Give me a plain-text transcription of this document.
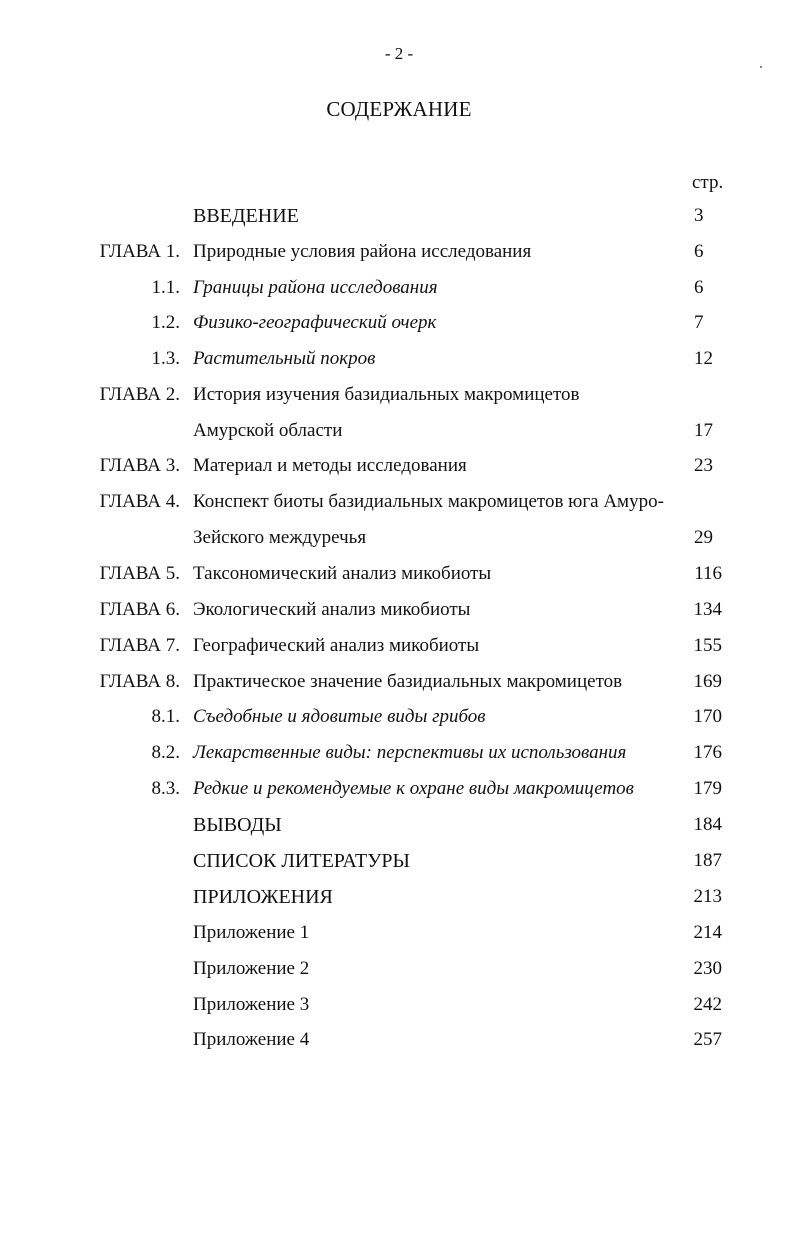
- 2 -
СОДЕРЖАНИЕ
стр.
ВВЕДЕНИЕ	3
ГЛАВА 1. Природные условия района исследования	6
1.1. Границы района исследования	6
1.2. Физико-географический очерк	7
1.3. Растительный покров	12
ГЛАВА 2. История изучения базидиальных макромицетов
Амурской области	17
ГЛАВА 3. Материал и методы исследования	23
ГЛАВА 4. Конспект биоты базидиальных макромицетов юга Амуро-
Зейского междуречья	29
ГЛАВА 5. Таксономический анализ микобиоты	116
ГЛАВА 6. Экологический анализ микобиоты	134
ГЛАВА 7. Географический анализ микобиоты	155
ГЛАВА 8. Практическое значение базидиальных макромицетов	169
8.1. Съедобные и ядовитые виды грибов	170
8.2. Лекарственные виды: перспективы их использования	176
8.3. Редкие и рекомендуемые к охране виды макромицетов	179
ВЫВОДЫ	184
СПИСОК ЛИТЕРАТУРЫ	187
ПРИЛОЖЕНИЯ	213
Приложение 1	214
Приложение 2	230
Приложение 3	242
Приложение 4	257
